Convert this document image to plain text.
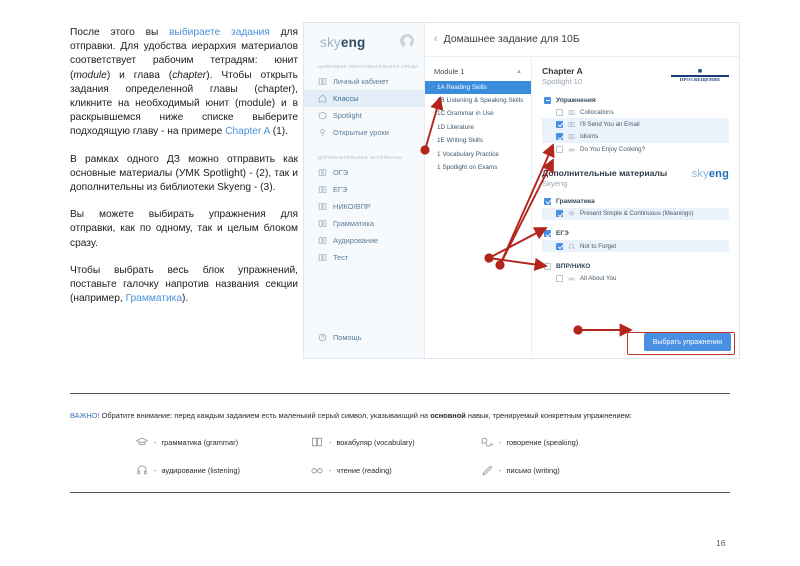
После этого вы выбираете задания для отправки. Для удобства иерархия материалов соответствует рабочим тетрадям: юнит (module) и глава (chapter). Чтобы открыть задания определенной главы (chapter), кликните на необходимый юнит (module) и в раскрывшемся ниже списке выберите подходящую главу - на примере Chapter A (1).

В рамках одного ДЗ можно отправить как основные материалы (УМК Spotlight) - (2), так и дополнительны из библиотеки Skyeng - (3).

Вы можете выбирать упражнения для отправки, как по одному, так и целым блоком сразу.

Чтобы выбрать весь блок упражнений, поставьте галочку напротив названия секции (например, Грамматика).

skyeng
ЦИФРОВАЯ ОБРАЗОВАТЕЛЬНАЯ СРЕДА
Личный кабинет
Классы
Spotlight
Открытые уроки
ДОПОЛНИТЕЛЬНЫЕ МАТЕРИАЛЫ
ОГЭ
ЕГЭ
НИКО/ВПР
Грамматика
Аудирование
Тест
Помощь
‹ Домашнее задание для 10Б
Module 1	▲
· 1A Reading Skills
· 1B Listening & Speaking Skills
· 1C Grammar in Use
· 1D Literature
· 1E Writing Skills
· 1 Vocabulary Practice
· 1 Spotlight on Exams
Chapter A
Spotlight 10
■
ПРОСВЕЩЕНИЕ
Упражнения
Collocations
I'll Send You an Email
Idioms
Do You Enjoy Cooking?
Дополнительные материалы
Skyeng
skyeng
Грамматика
Present Simple & Continuous (Meanings)
ЕГЭ
Not to Forget
ВПР/НИКО
All About You
Выбрать упражнения
ВАЖНО! Обратите внимание: перед каждым заданием есть маленький серый символ, указывающий на основной навык, тренируемый конкретным упражнением:
- грамматика (grammar)	- вокабуляр (vocabulary)	- говорение (speaking)
- аудирование (listening)	- чтение (reading)	- письмо (writing)
16
